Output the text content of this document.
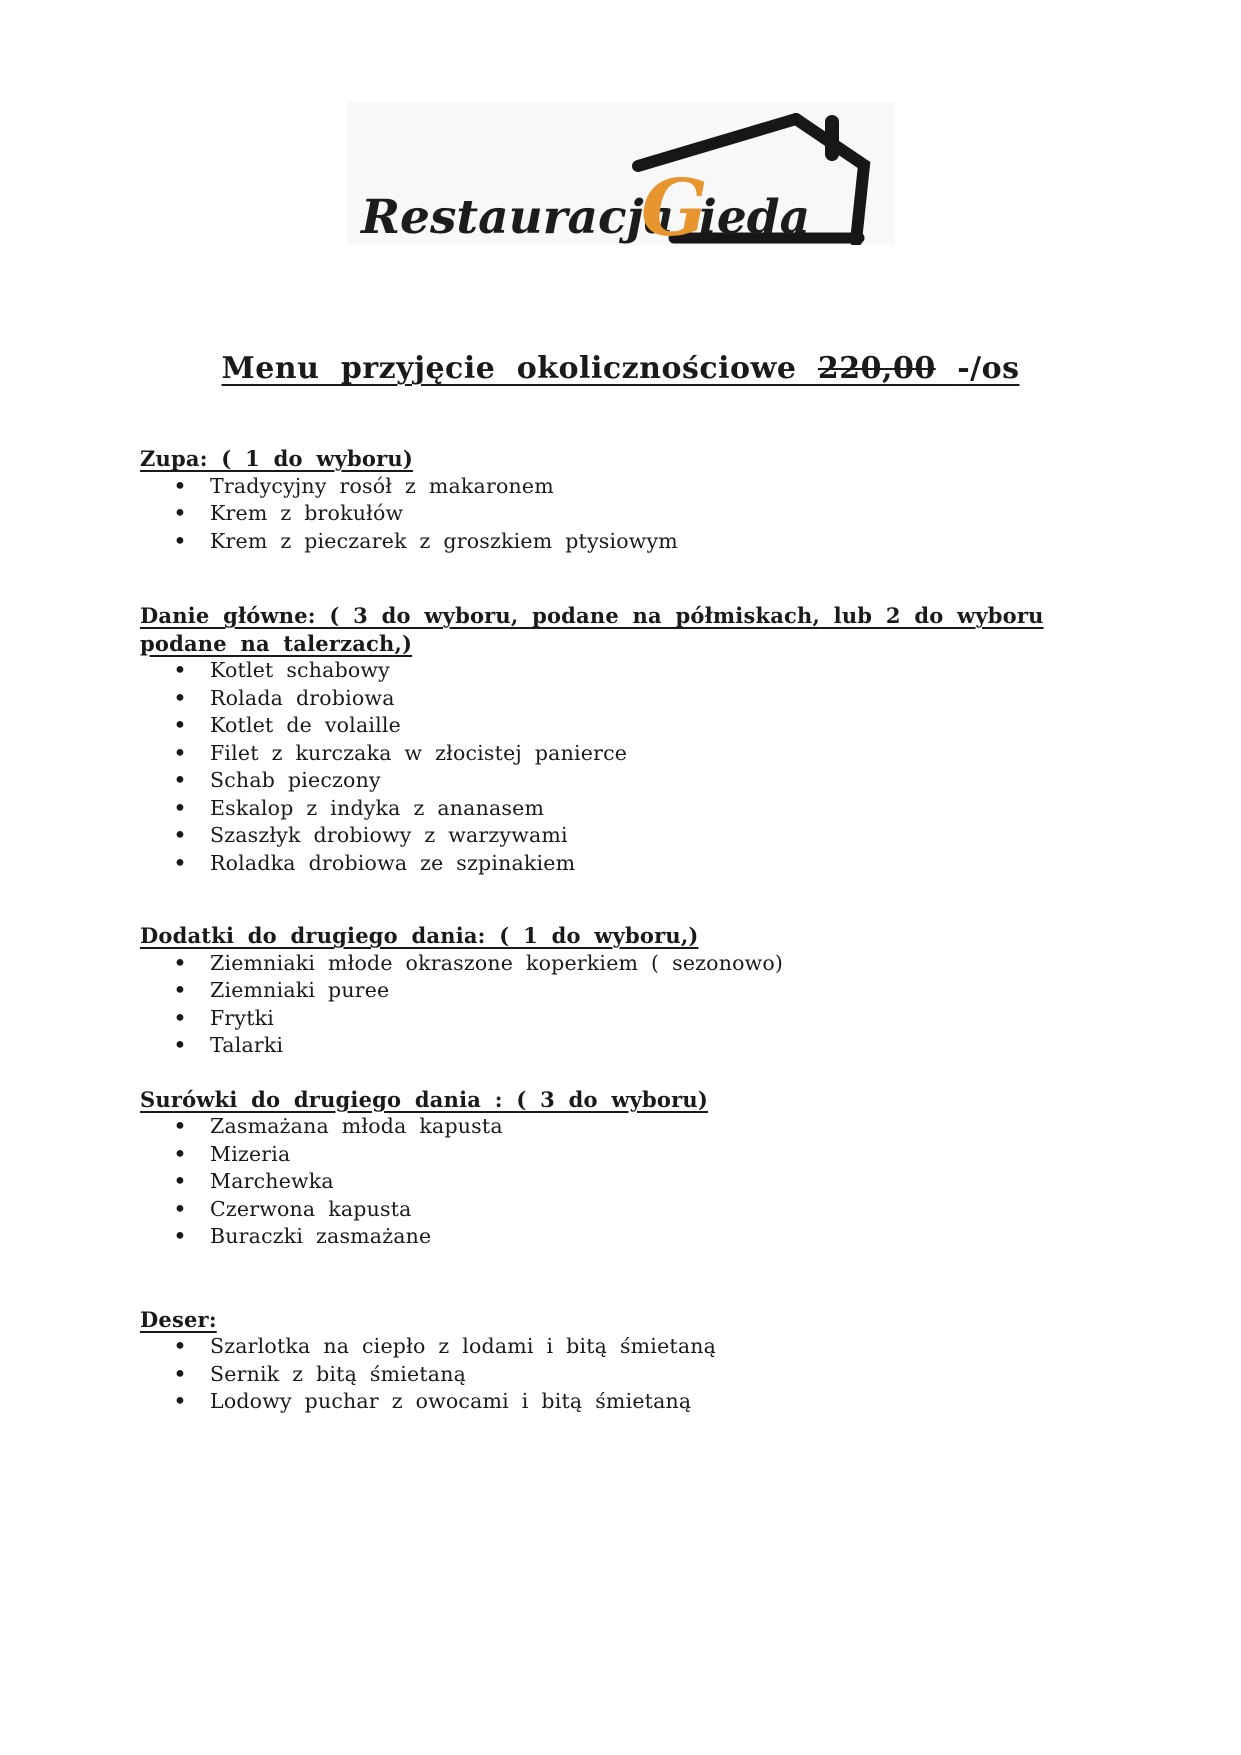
Restauracja
G
ieda
Menu przyjęcie okolicznościowe 220,00 -/os
Zupa: ( 1 do wyboru)
• Tradycyjny rosół z makaronem
• Krem z brokułów
• Krem z pieczarek z groszkiem ptysiowym
Danie główne: ( 3 do wyboru, podane na półmiskach, lub 2 do wyboru podane na talerzach,)
• Kotlet schabowy
• Rolada drobiowa
• Kotlet de volaille
• Filet z kurczaka w złocistej panierce
• Schab pieczony
• Eskalop z indyka z ananasem
• Szaszłyk drobiowy z warzywami
• Roladka drobiowa ze szpinakiem
Dodatki do drugiego dania: ( 1 do wyboru,)
• Ziemniaki młode okraszone koperkiem ( sezonowo)
• Ziemniaki puree
• Frytki
• Talarki
Surówki do drugiego dania : ( 3 do wyboru)
• Zasmażana młoda kapusta
• Mizeria
• Marchewka
• Czerwona kapusta
• Buraczki zasmażane
Deser:
• Szarlotka na ciepło z lodami i bitą śmietaną
• Sernik z bitą śmietaną
• Lodowy puchar z owocami i bitą śmietaną
